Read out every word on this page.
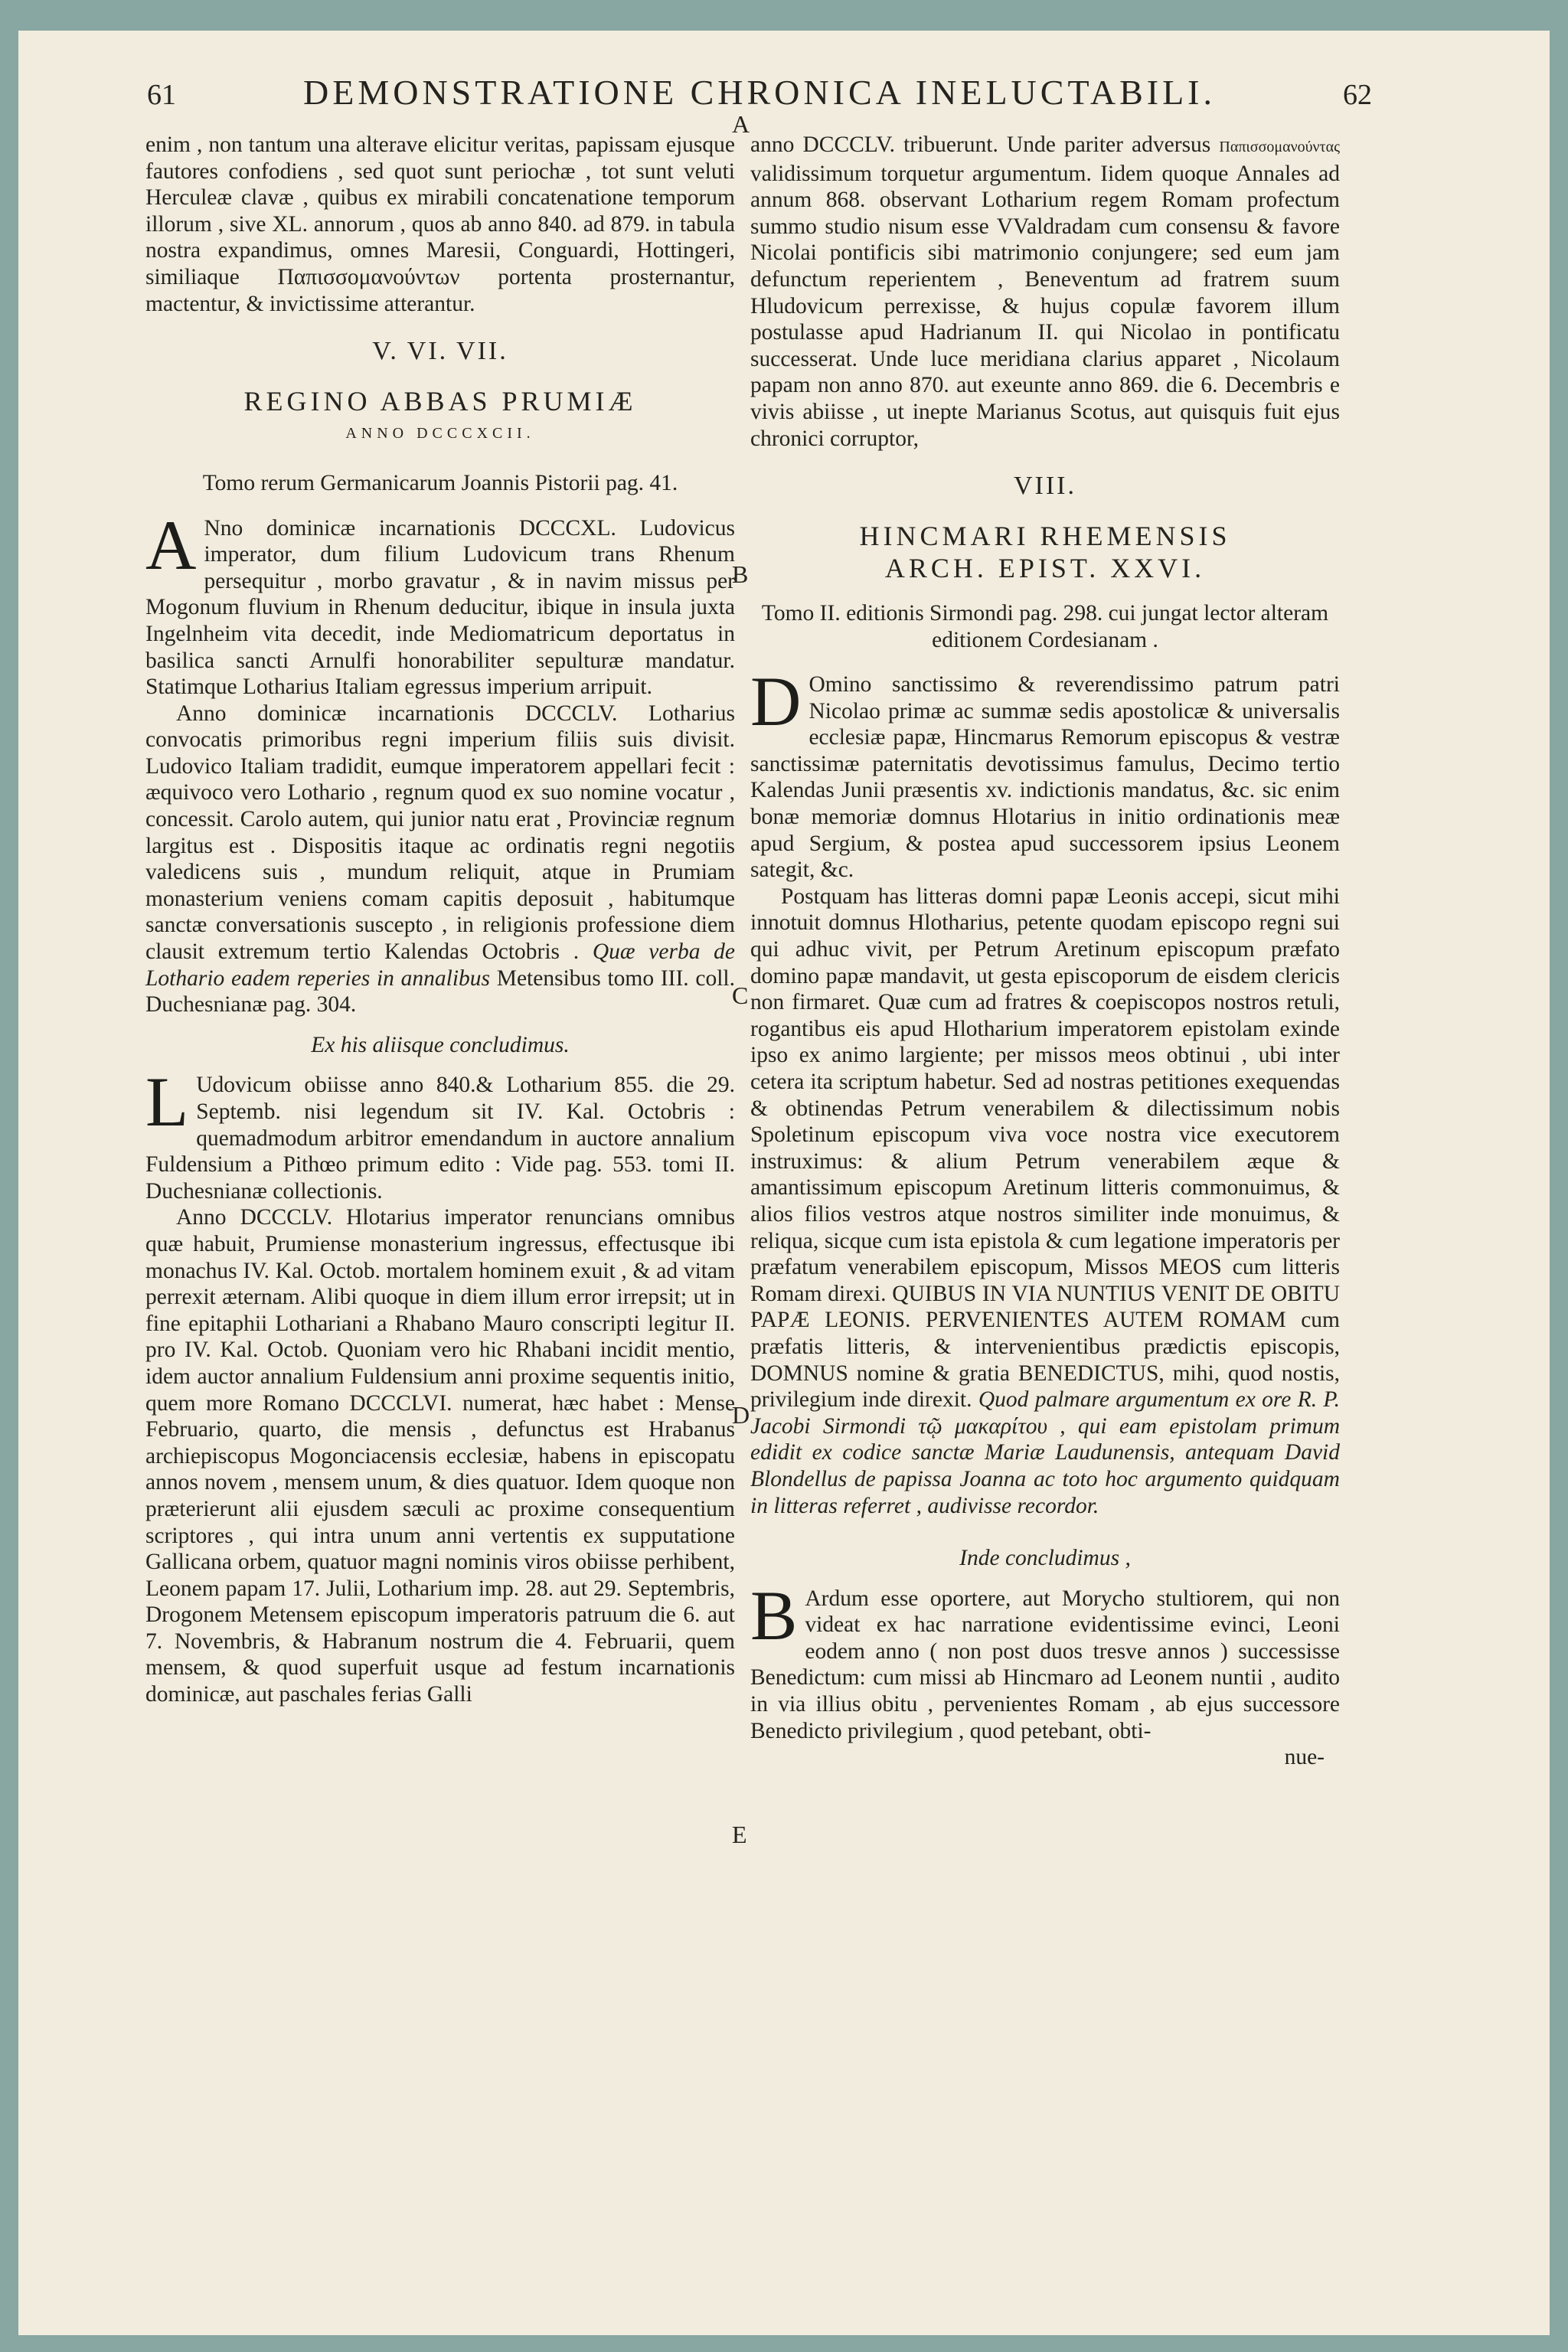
61	DEMONSTRATIONE CHRONICA INELUCTABILI.	62

enim , non tantum una alterave elicitur veritas, papissam ejusque fautores confodiens , sed quot sunt periochæ , tot sunt veluti Herculeæ clavæ , quibus ex mirabili concatenatione temporum illorum , sive XL. annorum , quos ab anno 840. ad 879. in tabula nostra expandimus, omnes Maresii, Conguardi, Hottingeri, similiaque Παπισσομανούντων portenta prosternantur, mactentur, & invictissime atterantur.

V. VI. VII.
REGINO ABBAS PRUMIÆ
ANNO DCCCXCII.
Tomo rerum Germanicarum Joannis Pistorii pag. 41.

A Nno dominicæ incarnationis DCCCXL. Ludovicus imperator, dum filium Ludovicum trans Rhenum persequitur , morbo gravatur , & in navim missus per Mogonum fluvium in Rhenum deducitur, ibique in insula juxta Ingelnheim vita decedit, inde Mediomatricum deportatus in basilica sancti Arnulfi honorabiliter sepulturæ mandatur. Statimque Lotharius Italiam egressus imperium arripuit.

Anno dominicæ incarnationis DCCCLV. Lotharius convocatis primoribus regni imperium filiis suis divisit. Ludovico Italiam tradidit, eumque imperatorem appellari fecit : æquivoco vero Lothario , regnum quod ex suo nomine vocatur , concessit. Carolo autem, qui junior natu erat , Provinciæ regnum largitus est . Dispositis itaque ac ordinatis regni negotiis valedicens suis , mundum reliquit, atque in Prumiam monasterium veniens comam capitis deposuit , habitumque sanctæ conversationis suscepto , in religionis professione diem clausit extremum tertio Kalendas Octobris . Quæ verba de Lothario eadem reperies in annalibus Metensibus tomo III. coll. Duchesnianæ pag. 304.

Ex his aliisque concludimus.

L Udovicum obiisse anno 840.& Lotharium 855. die 29. Septemb. nisi legendum sit IV. Kal. Octobris : quemadmodum arbitror emendandum in auctore annalium Fuldensium a Pithœo primum edito : Vide pag. 553. tomi II. Duchesnianæ collectionis.

Anno DCCCLV. Hlotarius imperator renuncians omnibus quæ habuit, Prumiense monasterium ingressus, effectusque ibi monachus IV. Kal. Octob. mortalem hominem exuit , & ad vitam perrexit æternam. Alibi quoque in diem illum error irrepsit; ut in fine epitaphii Lothariani a Rhabano Mauro conscripti legitur II. pro IV. Kal. Octob. Quoniam vero hic Rhabani incidit mentio, idem auctor annalium Fuldensium anni proxime sequentis initio, quem more Romano DCCCLVI. numerat, hæc habet : Mense Februario, quarto, die mensis , defunctus est Hrabanus archiepiscopus Mogonciacensis ecclesiæ, habens in episcopatu annos novem , mensem unum, & dies quatuor. Idem quoque non præterierunt alii ejusdem sæculi ac proxime consequentium scriptores , qui intra unum anni vertentis ex supputatione Gallicana orbem, quatuor magni nominis viros obiisse perhibent, Leonem papam 17. Julii, Lotharium imp. 28. aut 29. Septembris, Drogonem Metensem episcopum imperatoris patruum die 6. aut 7. Novembris, & Habranum nostrum die 4. Februarii, quem mensem, & quod superfuit usque ad festum incarnationis dominicæ, aut paschales ferias Galli

anno DCCCLV. tribuerunt. Unde pariter adversus Παπισσομανούντας validissimum torquetur argumentum. Iidem quoque Annales ad annum 868. observant Lotharium regem Romam profectum summo studio nisum esse VValdradam cum consensu & favore Nicolai pontificis sibi matrimonio conjungere; sed eum jam defunctum reperientem , Beneventum ad fratrem suum Hludovicum perrexisse, & hujus copulæ favorem illum postulasse apud Hadrianum II. qui Nicolao in pontificatu successerat. Unde luce meridiana clarius apparet , Nicolaum papam non anno 870. aut exeunte anno 869. die 6. Decembris e vivis abiisse , ut inepte Marianus Scotus, aut quisquis fuit ejus chronici corruptor,

VIII.
HINCMARI RHEMENSIS
ARCH. EPIST. XXVI.
Tomo II. editionis Sirmondi pag. 298. cui jungat lector alteram editionem Cordesianam .

D Omino sanctissimo & reverendissimo patrum patri Nicolao primæ ac summæ sedis apostolicæ & universalis ecclesiæ papæ, Hincmarus Remorum episcopus & vestræ sanctissimæ paternitatis devotissimus famulus, Decimo tertio Kalendas Junii præsentis xv. indictionis mandatus, &c. sic enim bonæ memoriæ domnus Hlotarius in initio ordinationis meæ apud Sergium, & postea apud successorem ipsius Leonem sategit, &c.

Postquam has litteras domni papæ Leonis accepi, sicut mihi innotuit domnus Hlotharius, petente quodam episcopo regni sui qui adhuc vivit, per Petrum Aretinum episcopum præfato domino papæ mandavit, ut gesta episcoporum de eisdem clericis non firmaret. Quæ cum ad fratres & coepiscopos nostros retuli, rogantibus eis apud Hlotharium imperatorem epistolam exinde ipso ex animo largiente; per missos meos obtinui , ubi inter cetera ita scriptum habetur. Sed ad nostras petitiones exequendas & obtinendas Petrum venerabilem & dilectissimum nobis Spoletinum episcopum viva voce nostra vice executorem instruximus: & alium Petrum venerabilem æque & amantissimum episcopum Aretinum litteris commonuimus, & alios filios vestros atque nostros similiter inde monuimus, & reliqua, sicque cum ista epistola & cum legatione imperatoris per præfatum venerabilem episcopum, Missos MEOS cum litteris Romam direxi. QUIBUS IN VIA NUNTIUS VENIT DE OBITU PAPÆ LEONIS. PERVENIENTES AUTEM ROMAM cum præfatis litteris, & intervenientibus prædictis episcopis, DOMNUS nomine & gratia BENEDICTUS, mihi, quod nostis, privilegium inde direxit. Quod palmare argumentum ex ore R. P. Jacobi Sirmondi τῷ μακαρίτου , qui eam epistolam primum edidit ex codice sanctæ Mariæ Laudunensis, antequam David Blondellus de papissa Joanna ac toto hoc argumento quidquam in litteras referret , audivisse recordor.

Inde concludimus ,

B Ardum esse oportere, aut Morycho stultiorem, qui non videat ex hac narratione evidentissime evinci, Leoni eodem anno ( non post duos tresve annos ) successisse Benedictum: cum missi ab Hincmaro ad Leonem nuntii , audito in via illius obitu , pervenientes Romam , ab ejus successore Benedicto privilegium , quod petebant, obti-

nue-

A
B
C
D
E
